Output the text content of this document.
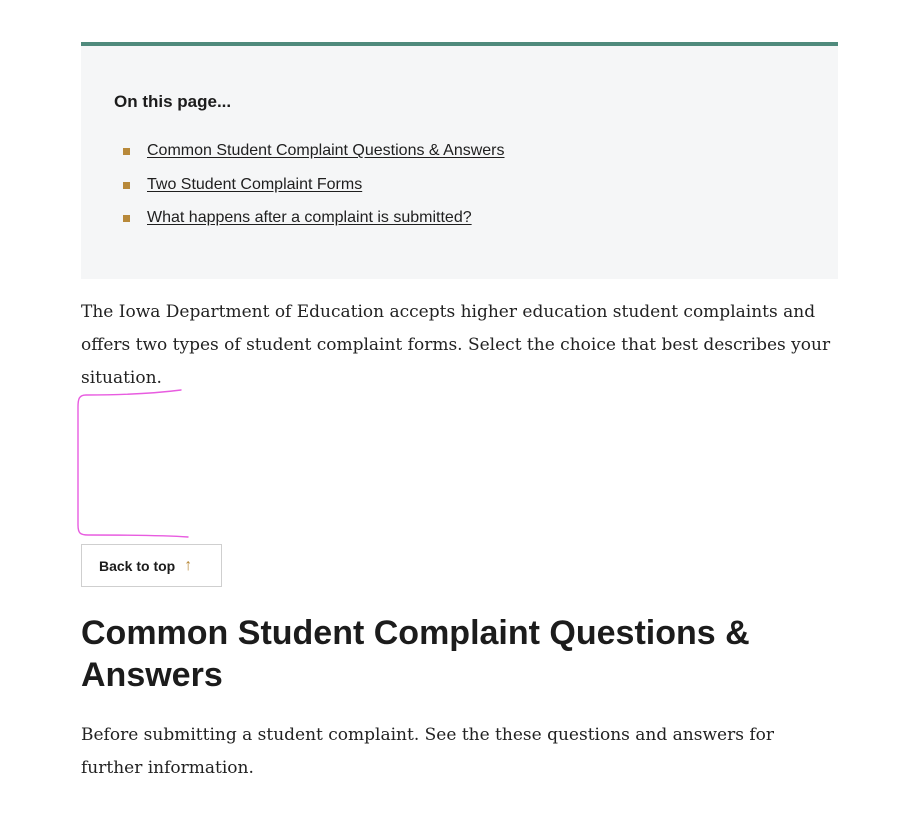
On this page...
Common Student Complaint Questions & Answers
Two Student Complaint Forms
What happens after a complaint is submitted?

The Iowa Department of Education accepts higher education student complaints and offers two types of student complaint forms. Select the choice that best describes your situation.

Back to top ↑
Common Student Complaint Questions & Answers

Before submitting a student complaint. See the these questions and answers for further information.
